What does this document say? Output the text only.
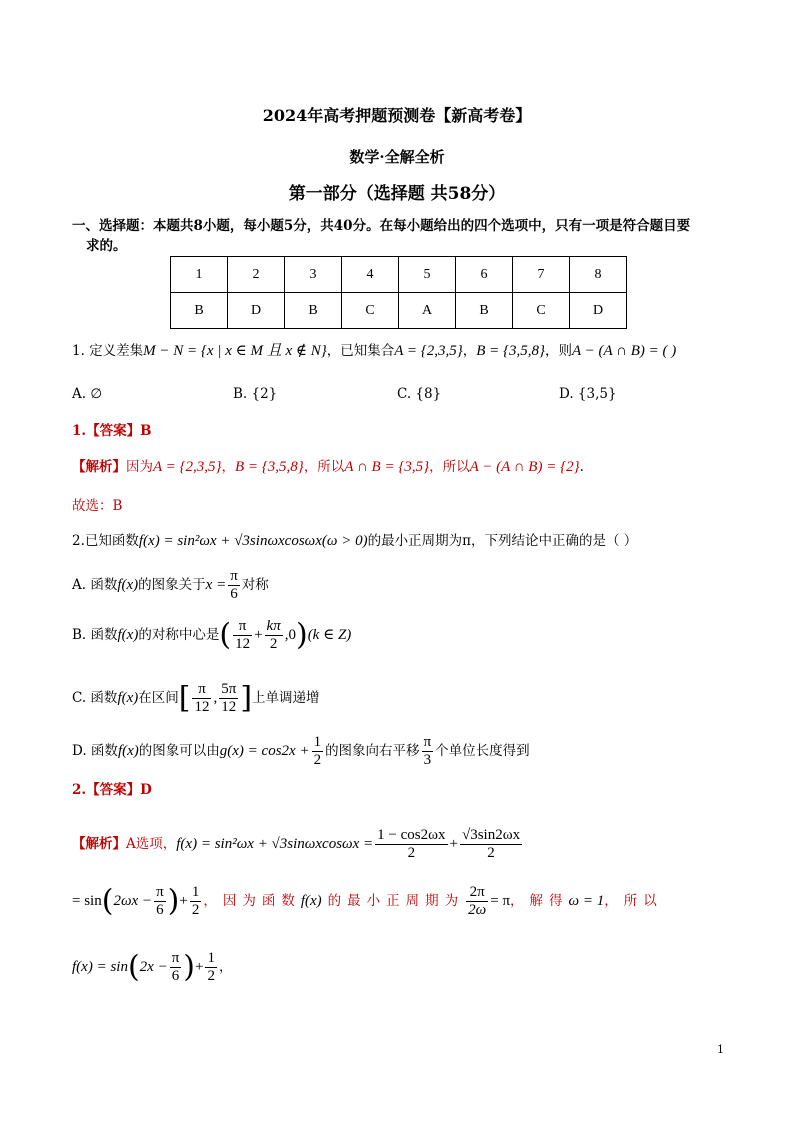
2024年高考押题预测卷【新高考卷】
数学·全解全析
第一部分（选择题 共58分）
一、选择题：本题共8小题，每小题5分，共40分。在每小题给出的四个选项中，只有一项是符合题目要
求的。
1	2	3	4	5	6	7	8
B	D	B	C	A	B	C	D
1. 定义差集M − N = {x | x ∈ M 且 x ∉ N}，已知集合A = {2,3,5}，B = {3,5,8}，则A − (A ∩ B) = ( )
A. ∅	B. {2}	C. {8}	D. {3,5}
1.【答案】B
【解析】因为A = {2,3,5}，B = {3,5,8}，所以A ∩ B = {3,5}，所以A − (A ∩ B) = {2}.
故选：B
2.已知函数f(x) = sin²ωx + √3sinωxcosωx(ω > 0)的最小正周期为π，下列结论中正确的是（ ）
A. 函数f(x)的图象关于$x = \frac{\pi}{6}$ 对称
B. 函数f(x)的对称中心是( $\frac{\pi}{12} + \frac{k\pi}{2} ,0)(k$ ∈ Z)
C. 函数f(x)在区间[ $\frac{\pi}{12}$ , $\frac{5\pi}{12}$ ]上单调递增
D. 函数f(x)的图象可以由$g(x) = \cos 2x + \frac{1}{2}$ 的图象向右平移 $\frac{\pi}{3}$ 个单位长度得到
2.【答案】D
【解析】A选项，$f(x) = \sin^2\omega x + √3\sin\omega xcos\omega x = \frac{1 - \cos 2\omega x}{2} + \frac{√3\sin 2\omega x}{2}$
= $\sin(2\omega x - \frac{\pi}{6}$ )+ $\frac{1}{2}$ ，因为函数f(x) 的最小正周期为 $\frac{2\pi}{2\omega} = \pi$，解得ω = 1，所以
$f(x) = \sin(2x - \frac{\pi}{6}$ )+ $\frac{1}{2}$ ，
1
